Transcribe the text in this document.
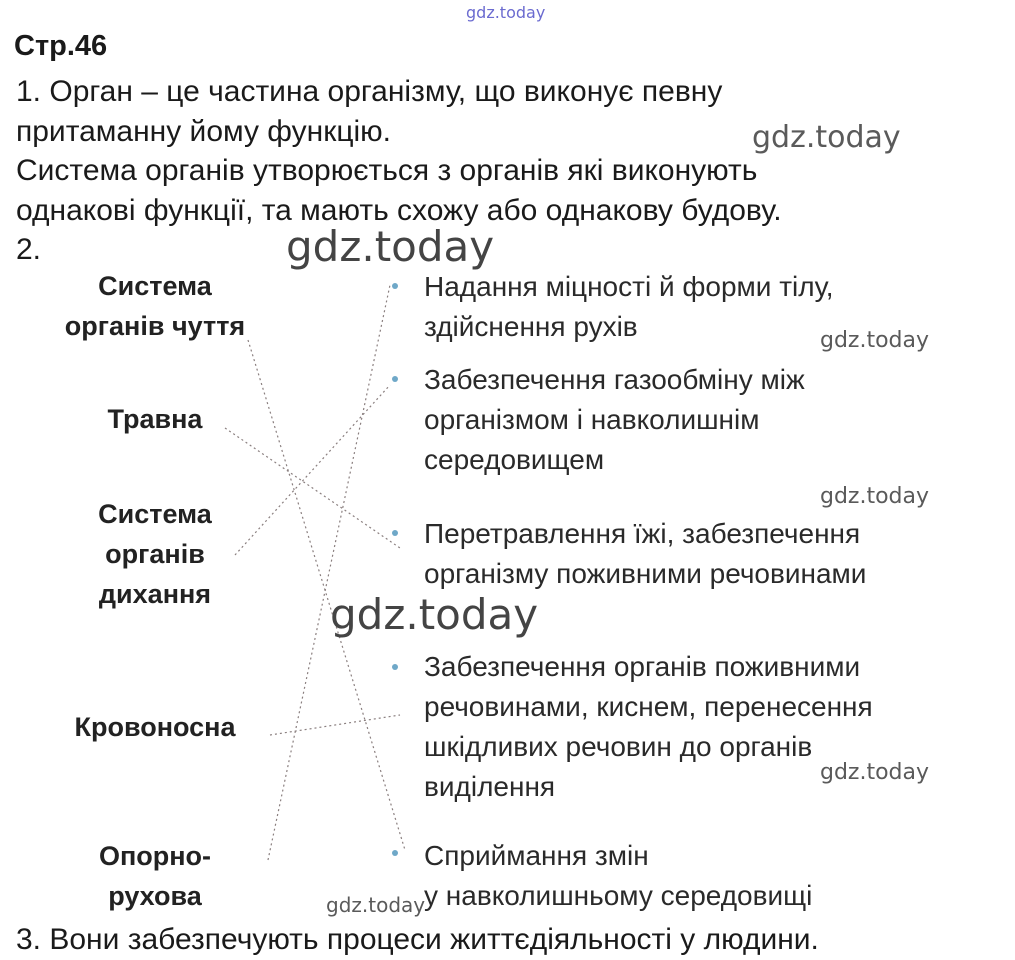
gdz.today
Стр.46
1. Орган – це частина організму, що виконує певну
притаманну йому функцію.
Система органів утворюється з органів які виконують
однакові функції, та мають схожу або однакову будову.
2.
Система
органів чуття
Травна
Система
органів
дихання
Кровоносна
Опорно-
рухова
Надання міцності й форми тілу,
здійснення рухів
Забезпечення газообміну між
організмом і навколишнім
середовищем
Перетравлення їжі, забезпечення
організму поживними речовинами
Забезпечення органів поживними
речовинами, киснем, перенесення
шкідливих речовин до органів
виділення
Сприймання змін
у навколишньому середовищі
3. Вони забезпечують процеси життєдіяльності у людини.
gdz.today
gdz.today
gdz.today
gdz.today
gdz.today
gdz.today
gdz.today
